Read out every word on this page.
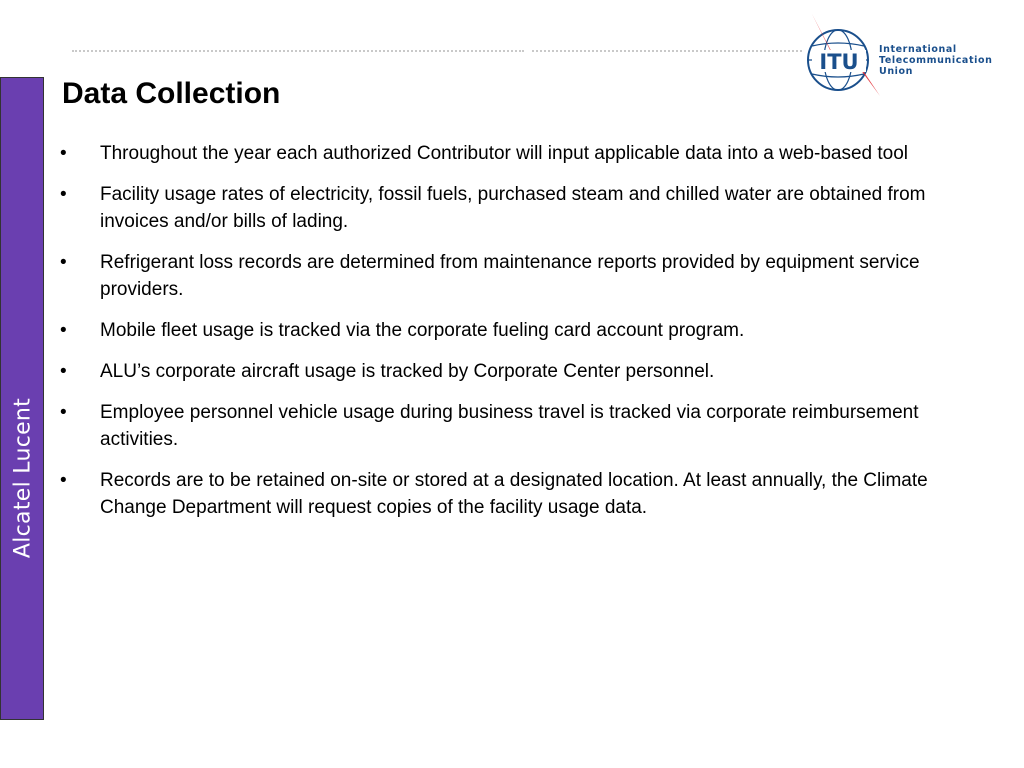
Alcatel Lucent
ITU
International
Telecommunication
Union
Data Collection
•	Throughout the year each authorized Contributor will input applicable data into a web-based tool
•	Facility usage rates of electricity, fossil fuels, purchased steam and chilled water are obtained from invoices and/or bills of lading.
•	Refrigerant loss records are determined from maintenance reports provided by equipment service providers.
•	Mobile fleet usage is tracked via the corporate fueling card account program.
•	ALU’s corporate aircraft usage is tracked by Corporate Center personnel.
•	Employee personnel vehicle usage during business travel is tracked via corporate reimbursement activities.
•	Records are to be retained on-site or stored at a designated location. At least annually, the Climate Change Department will request copies of the facility usage data.
